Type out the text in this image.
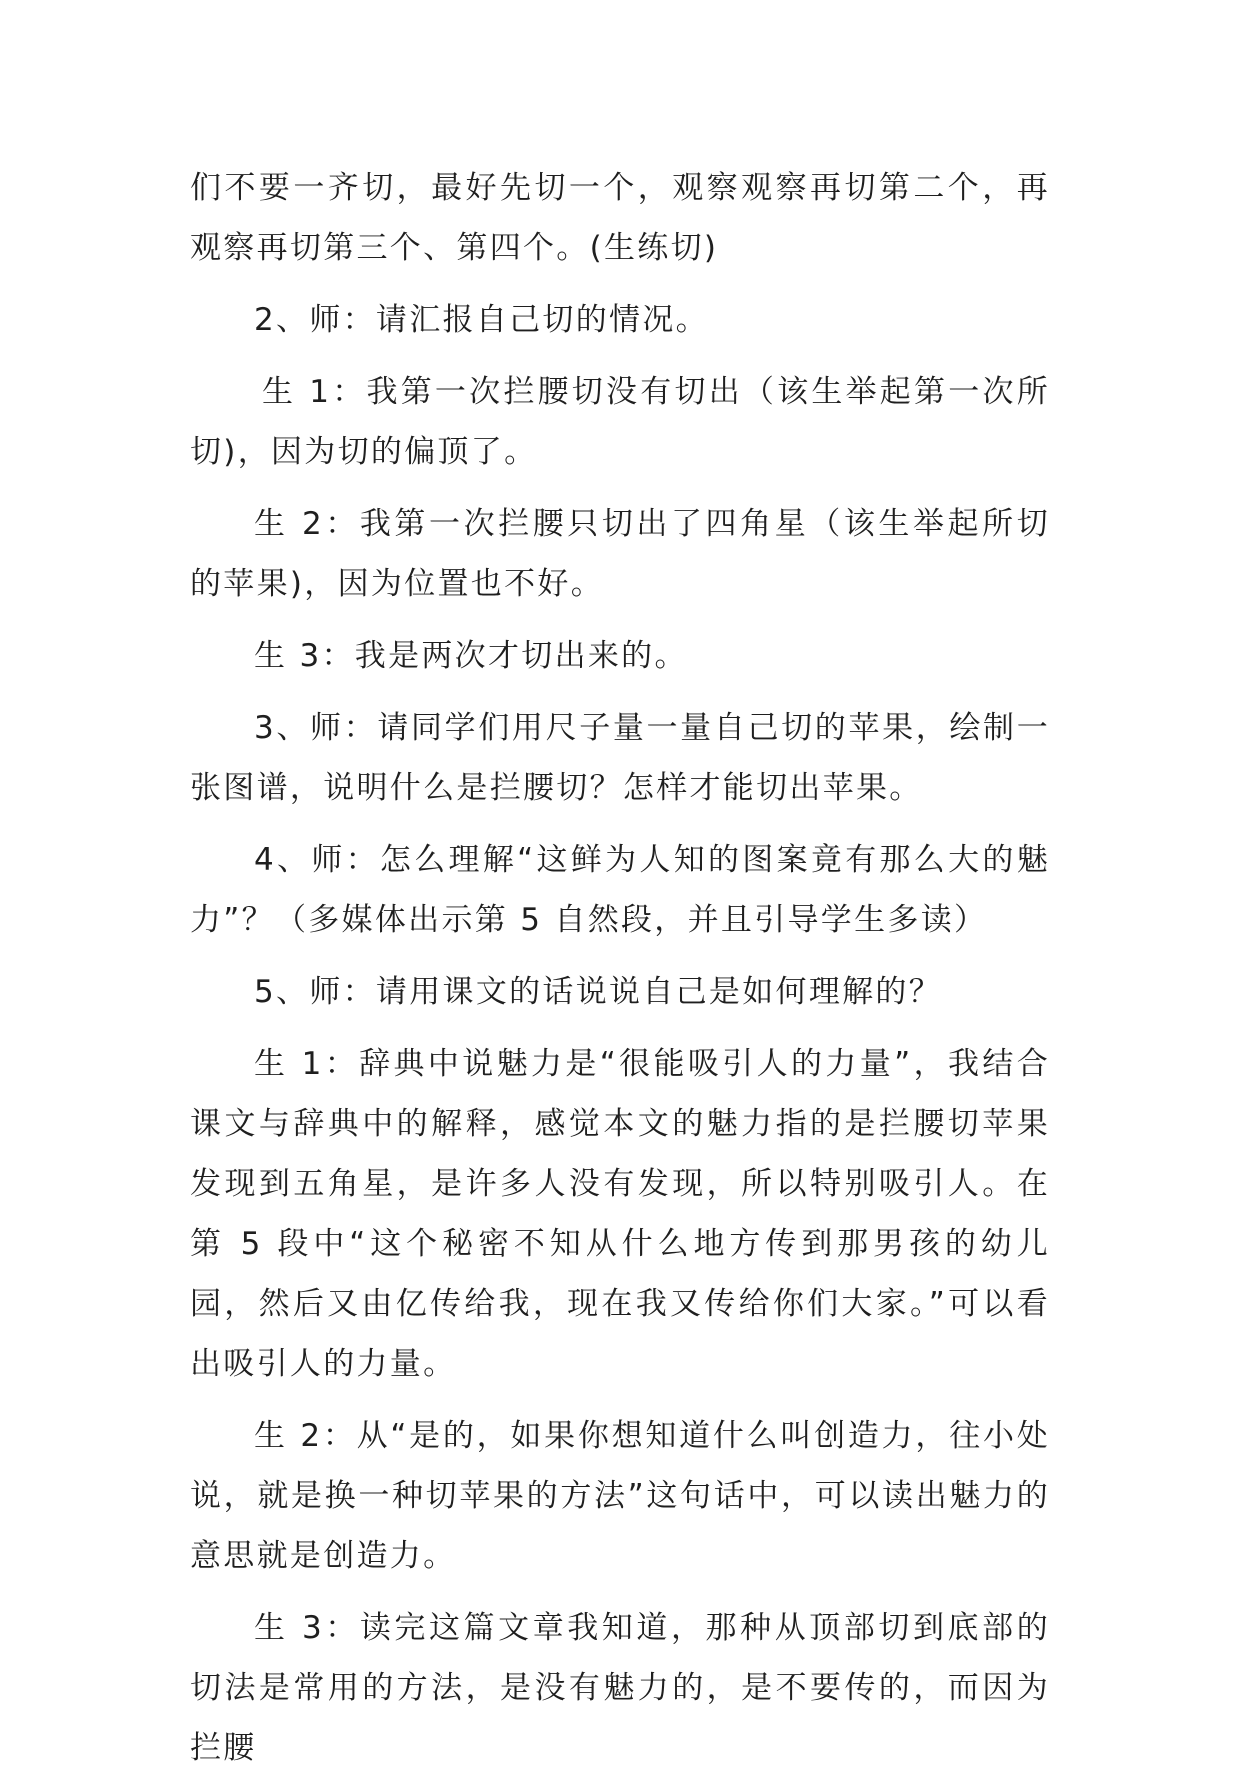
们不要一齐切，最好先切一个，观察观察再切第二个，再观察再切第三个、第四个。(生练切)

2、师：请汇报自己切的情况。

生 1：我第一次拦腰切没有切出（该生举起第一次所切)，因为切的偏顶了。

生 2：我第一次拦腰只切出了四角星（该生举起所切的苹果)，因为位置也不好。

生 3：我是两次才切出来的。

3、师：请同学们用尺子量一量自己切的苹果，绘制一张图谱，说明什么是拦腰切？怎样才能切出苹果。

4、师：怎么理解“这鲜为人知的图案竟有那么大的魅力”？（多媒体出示第 5 自然段，并且引导学生多读）

5、师：请用课文的话说说自己是如何理解的？

生 1：辞典中说魅力是“很能吸引人的力量”，我结合课文与辞典中的解释，感觉本文的魅力指的是拦腰切苹果发现到五角星，是许多人没有发现，所以特别吸引人。在第 5 段中“这个秘密不知从什么地方传到那男孩的幼儿园，然后又由亿传给我，现在我又传给你们大家。”可以看出吸引人的力量。

生 2：从“是的，如果你想知道什么叫创造力，往小处说，就是换一种切苹果的方法”这句话中，可以读出魅力的意思就是创造力。

生 3：读完这篇文章我知道，那种从顶部切到底部的切法是常用的方法，是没有魅力的，是不要传的，而因为拦腰
